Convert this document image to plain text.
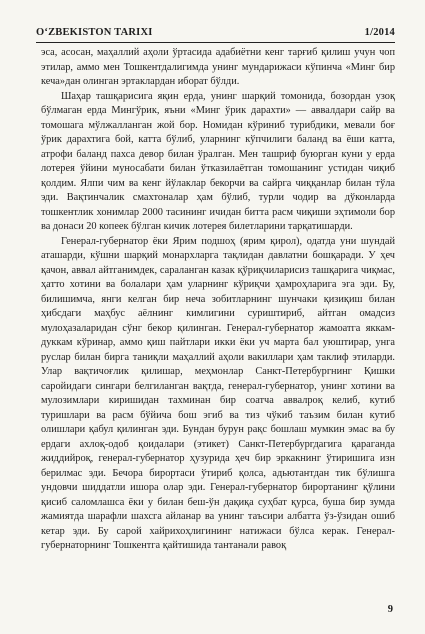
O‘ZBEKISTON TARIXI	1/2014

эса, асосан, маҳаллий аҳоли ўртасида адабиётни кенг тарғиб қилиш учун чоп этилар, аммо мен Тошкентдалигимда унинг мундарижаси кўпинча «Минг бир кеча»дан олинган эртаклардан иборат бўлди.

Шаҳар ташқарисига яқин ерда, унинг шарқий томонида, бозордан узоқ бўлмаган ерда Мингўрик, яъни «Минг ўрик дарахти» — аввалдари сайр ва томошага мўлжалланган жой бор. Номидан кўриниб турибдики, мевали боғ ўрик дарахтига бой, катта бўлиб, уларнинг кўпчилиги баланд ва ёши катта, атрофи баланд пахса девор билан ўралган. Мен ташриф буюрган куни у ерда лотерея ўйини муносабати билан ўтказилаётган томошанинг устидан чиқиб қолдим. Ялпи чим ва кенг йўлаклар бекорчи ва сайрга чиққанлар билан тўла эди. Вақтинчалик смахтоналар ҳам бўлиб, турли чодир ва дўконларда тошкентлик хонимлар 2000 тасининг ичидан битта расм чиқиши эҳтимоли бор ва донаси 20 копеек бўлган кичик лотерея билетларини тарқатишарди.

Генерал-губернатор ёки Ярим подшоҳ (ярим қирол), одатда уни шундай аташарди, кўшни шарқий монархларга тақлидан давлатни бошқаради. У ҳеч қачон, аввал айтганимдек, сараланган казак қўриқчиларисиз ташқарига чиқмас, ҳатто хотини ва болалари ҳам уларнинг кўриқчи ҳамроҳларига эга эди. Бу, билишимча, янги келган бир неча зобитларнинг шунчаки қизиқиш билан ҳибсдаги маҳбус аёлнинг кимлигини суриштириб, айтган омадсиз мулоҳазаларидан сўнг бекор қилинган. Генерал-губернатор жамоатга яккам-дуккам кўринар, аммо қиш пайтлари икки ёки уч марта бал уюштирар, унга руслар билан бирга таниқли маҳаллий аҳоли вакиллари ҳам таклиф этиларди. Улар вақтичоғлик қилишар, меҳмонлар Санкт-Петербургнинг Қишки саройидаги сингари белгиланган вақтда, генерал-губернатор, унинг хотини ва мулозимлари киришидан тахминан бир соатча аввалроқ келиб, кутиб туришлари ва расм бўйича бош эгиб ва тиз чўкиб таъзим билан кутиб олишлари қабул қилинган эди. Бундан бурун рақс бошлаш мумкин эмас ва бу ердаги ахлоқ-одоб қоидалари (этикет) Санкт-Петербургдагига қараганда жиддийроқ, генерал-губернатор ҳузурида ҳеч бир эркакнинг ўтиришига изн берилмас эди. Бечора бирортаси ўтириб қолса, адьютантдан тик бўлишга ундовчи шиддатли ишора олар эди. Генерал-губернатор бирортанинг қўлини қисиб саломлашса ёки у билан беш-ўн дақиқа суҳбат қурса, буша бир зумда жамиятда шарафли шахсга айланар ва унинг таъсири албатта ўз-ўзидан ошиб кетар эди. Бу сарой хайрихоҳлигининг натижаси бўлса керак. Генерал-губернаторнинг Тошкентга қайтишида тантанали равоқ

9
